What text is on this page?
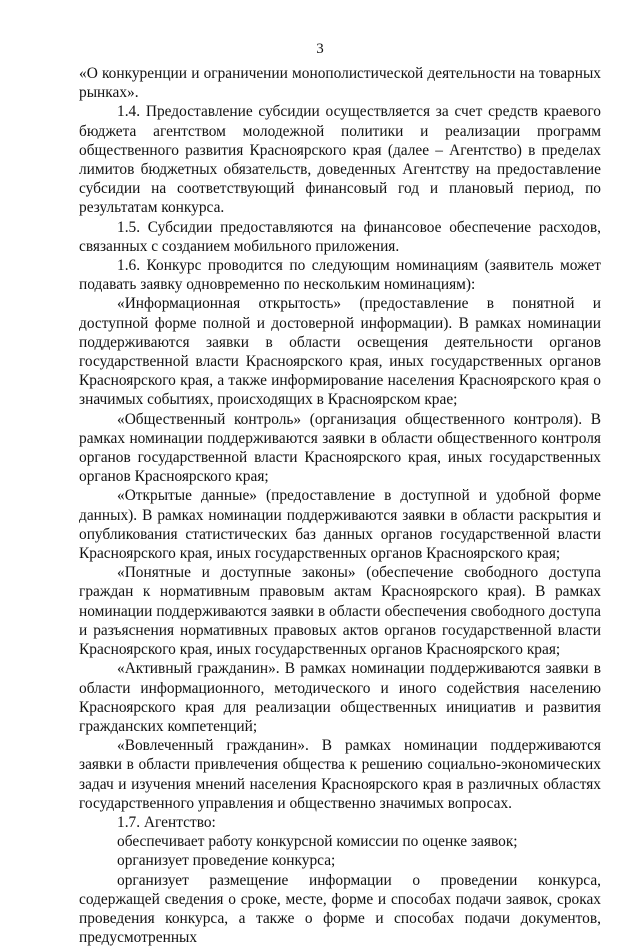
3

«О конкуренции и ограничении монополистической деятельности на товарных рынках».

1.4. Предоставление субсидии осуществляется за счет средств краевого бюджета агентством молодежной политики и реализации программ общественного развития Красноярского края (далее – Агентство) в пределах лимитов бюджетных обязательств, доведенных Агентству на предоставление субсидии на соответствующий финансовый год и плановый период, по результатам конкурса.

1.5. Субсидии предоставляются на финансовое обеспечение расходов, связанных с созданием мобильного приложения.

1.6. Конкурс проводится по следующим номинациям (заявитель может подавать заявку одновременно по нескольким номинациям):

«Информационная открытость» (предоставление в понятной и доступной форме полной и достоверной информации). В рамках номинации поддерживаются заявки в области освещения деятельности органов государственной власти Красноярского края, иных государственных органов Красноярского края, а также информирование населения Красноярского края о значимых событиях, происходящих в Красноярском крае;

«Общественный контроль» (организация общественного контроля). В рамках номинации поддерживаются заявки в области общественного контроля органов государственной власти Красноярского края, иных государственных органов Красноярского края;

«Открытые данные» (предоставление в доступной и удобной форме данных). В рамках номинации поддерживаются заявки в области раскрытия и опубликования статистических баз данных органов государственной власти Красноярского края, иных государственных органов Красноярского края;

«Понятные и доступные законы» (обеспечение свободного доступа граждан к нормативным правовым актам Красноярского края). В рамках номинации поддерживаются заявки в области обеспечения свободного доступа и разъяснения нормативных правовых актов органов государственной власти Красноярского края, иных государственных органов Красноярского края;

«Активный гражданин». В рамках номинации поддерживаются заявки в области информационного, методического и иного содействия населению Красноярского края для реализации общественных инициатив и развития гражданских компетенций;

«Вовлеченный гражданин». В рамках номинации поддерживаются заявки в области привлечения общества к решению социально-экономических задач и изучения мнений населения Красноярского края в различных областях государственного управления и общественно значимых вопросах.

1.7. Агентство:

обеспечивает работу конкурсной комиссии по оценке заявок;

организует проведение конкурса;

организует размещение информации о проведении конкурса, содержащей сведения о сроке, месте, форме и способах подачи заявок, сроках проведения конкурса, а также о форме и способах подачи документов, предусмотренных
